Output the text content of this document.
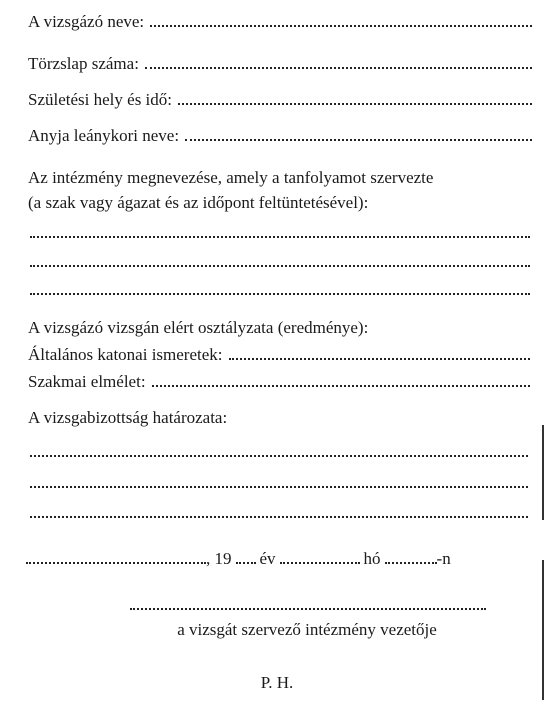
A vizsgázó neve:
Törzslap száma:
Születési hely és idő:
Anyja leánykori neve:
Az intézmény megnevezése, amely a tanfolyamot szervezte
(a szak vagy ágazat és az időpont feltüntetésével):
A vizsgázó vizsgán elért osztályzata (eredménye):
Általános katonai ismeretek:
Szakmai elmélet:
A vizsgabizottság határozata:
, 19 év	hó	-n
a vizsgát szervező intézmény vezetője
P. H.
